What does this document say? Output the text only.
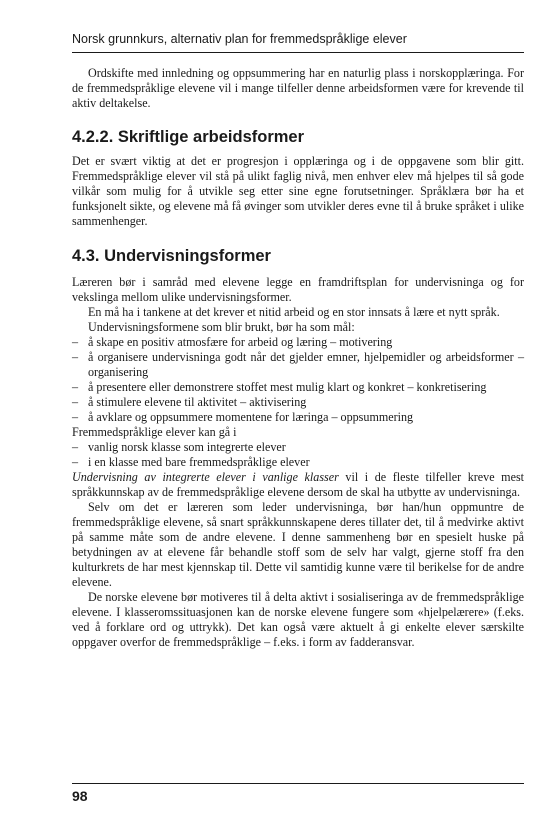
Norsk grunnkurs, alternativ plan for fremmedspråklige elever

Ordskifte med innledning og oppsummering har en naturlig plass i norskopplæringa. For de fremmedspråklige elevene vil i mange tilfeller denne arbeidsformen være for krevende til aktiv deltakelse.

4.2.2. Skriftlige arbeidsformer

Det er svært viktig at det er progresjon i opplæringa og i de oppgavene som blir gitt. Fremmedspråklige elever vil stå på ulikt faglig nivå, men enhver elev må hjelpes til så gode vilkår som mulig for å utvikle seg etter sine egne forutsetninger. Språklæra bør ha et funksjonelt sikte, og elevene må få øvinger som utvikler deres evne til å bruke språket i ulike sammenhenger.

4.3. Undervisningsformer

Læreren bør i samråd med elevene legge en framdriftsplan for undervisninga og for vekslinga mellom ulike undervisningsformer.

En må ha i tankene at det krever et nitid arbeid og en stor innsats å lære et nytt språk.

Undervisningsformene som blir brukt, bør ha som mål:

– å skape en positiv atmosfære for arbeid og læring – motivering
– å organisere undervisninga godt når det gjelder emner, hjelpemidler og arbeidsformer – organisering
– å presentere eller demonstrere stoffet mest mulig klart og konkret – konkretisering
– å stimulere elevene til aktivitet – aktivisering
– å avklare og oppsummere momentene for læringa – oppsummering

Fremmedspråklige elever kan gå i

– vanlig norsk klasse som integrerte elever
– i en klasse med bare fremmedspråklige elever

Undervisning av integrerte elever i vanlige klasser vil i de fleste tilfeller kreve mest språkkunnskap av de fremmedspråklige elevene dersom de skal ha utbytte av undervisninga.

Selv om det er læreren som leder undervisninga, bør han/hun oppmuntre de fremmedspråklige elevene, så snart språkkunnskapene deres tillater det, til å medvirke aktivt på samme måte som de andre elevene. I denne sammenheng bør en spesielt huske på betydningen av at elevene får behandle stoff som de selv har valgt, gjerne stoff fra den kulturkrets de har mest kjennskap til. Dette vil samtidig kunne være til berikelse for de andre elevene.

De norske elevene bør motiveres til å delta aktivt i sosialiseringa av de fremmedspråklige elevene. I klasseromssituasjonen kan de norske elevene fungere som «hjelpelærere» (f.eks. ved å forklare ord og uttrykk). Det kan også være aktuelt å gi enkelte elever særskilte oppgaver overfor de fremmedspråklige – f.eks. i form av fadderansvar.

98
